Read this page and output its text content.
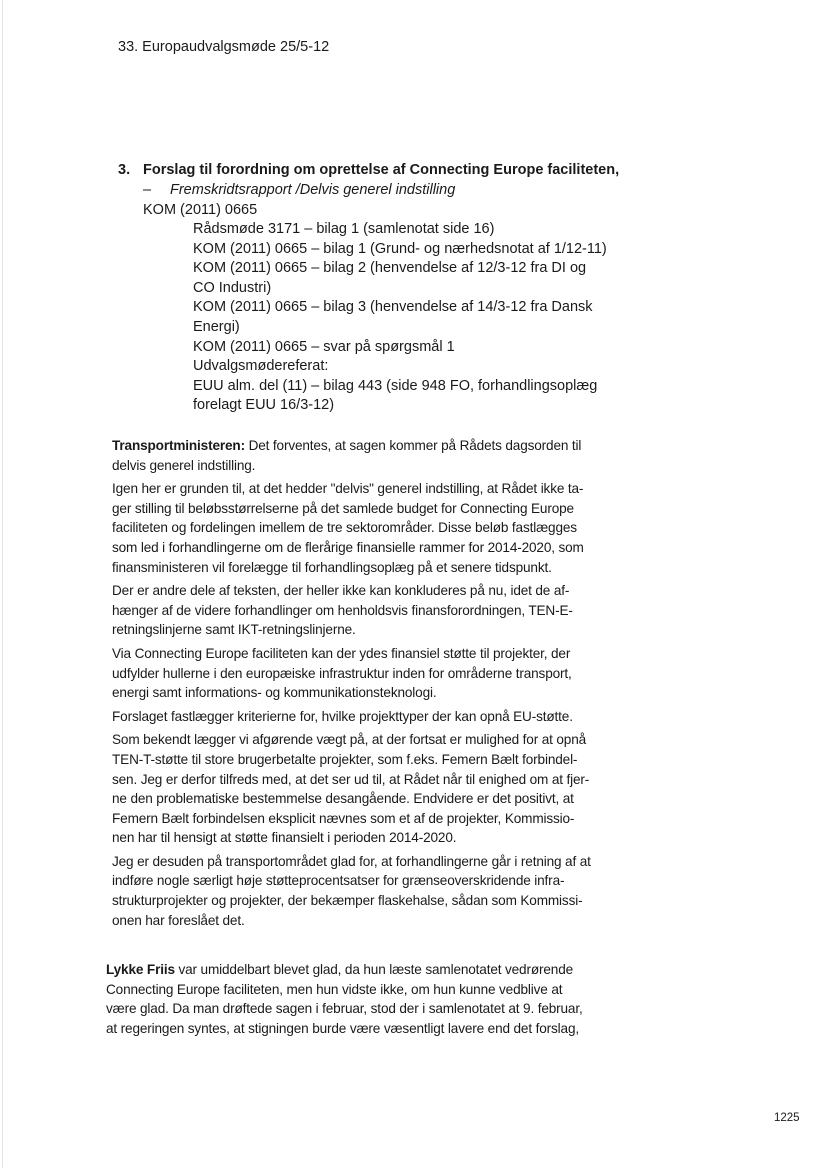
33. Europaudvalgsmøde 25/5-12
3. Forslag til forordning om oprettelse af Connecting Europe faciliteten,
–	Fremskridtsrapport /Delvis generel indstilling
KOM (2011) 0665
Rådsmøde 3171 – bilag 1 (samlenotat side 16)
KOM (2011) 0665 – bilag 1 (Grund- og nærhedsnotat af 1/12-11)
KOM (2011) 0665 – bilag 2 (henvendelse af 12/3-12 fra DI og
CO Industri)
KOM (2011) 0665 – bilag 3 (henvendelse af 14/3-12 fra Dansk
Energi)
KOM (2011) 0665 – svar på spørgsmål 1
Udvalgsmødereferat:
EUU alm. del (11) – bilag 443 (side 948 FO, forhandlingsoplæg
forelagt EUU 16/3-12)

Transportministeren: Det forventes, at sagen kommer på Rådets dagsorden til
delvis generel indstilling.

Igen her er grunden til, at det hedder "delvis" generel indstilling, at Rådet ikke ta-
ger stilling til beløbsstørrelserne på det samlede budget for Connecting Europe
faciliteten og fordelingen imellem de tre sektorområder. Disse beløb fastlægges
som led i forhandlingerne om de flerårige finansielle rammer for 2014-2020, som
finansministeren vil forelægge til forhandlingsoplæg på et senere tidspunkt.

Der er andre dele af teksten, der heller ikke kan konkluderes på nu, idet de af-
hænger af de videre forhandlinger om henholdsvis finansforordningen, TEN-E-
retningslinjerne samt IKT-retningslinjerne.

Via Connecting Europe faciliteten kan der ydes finansiel støtte til projekter, der
udfylder hullerne i den europæiske infrastruktur inden for områderne transport,
energi samt informations- og kommunikationsteknologi.

Forslaget fastlægger kriterierne for, hvilke projekttyper der kan opnå EU-støtte.

Som bekendt lægger vi afgørende vægt på, at der fortsat er mulighed for at opnå
TEN-T-støtte til store brugerbetalte projekter, som f.eks. Femern Bælt forbindel-
sen. Jeg er derfor tilfreds med, at det ser ud til, at Rådet når til enighed om at fjer-
ne den problematiske bestemmelse desangående. Endvidere er det positivt, at
Femern Bælt forbindelsen eksplicit nævnes som et af de projekter, Kommissio-
nen har til hensigt at støtte finansielt i perioden 2014-2020.

Jeg er desuden på transportområdet glad for, at forhandlingerne går i retning af at
indføre nogle særligt høje støtteprocentsatser for grænseoverskridende infra-
strukturprojekter og projekter, der bekæmper flaskehalse, sådan som Kommissi-
onen har foreslået det.

Lykke Friis var umiddelbart blevet glad, da hun læste samlenotatet vedrørende
Connecting Europe faciliteten, men hun vidste ikke, om hun kunne vedblive at
være glad. Da man drøftede sagen i februar, stod der i samlenotatet at 9. februar,
at regeringen syntes, at stigningen burde være væsentligt lavere end det forslag,

1225
